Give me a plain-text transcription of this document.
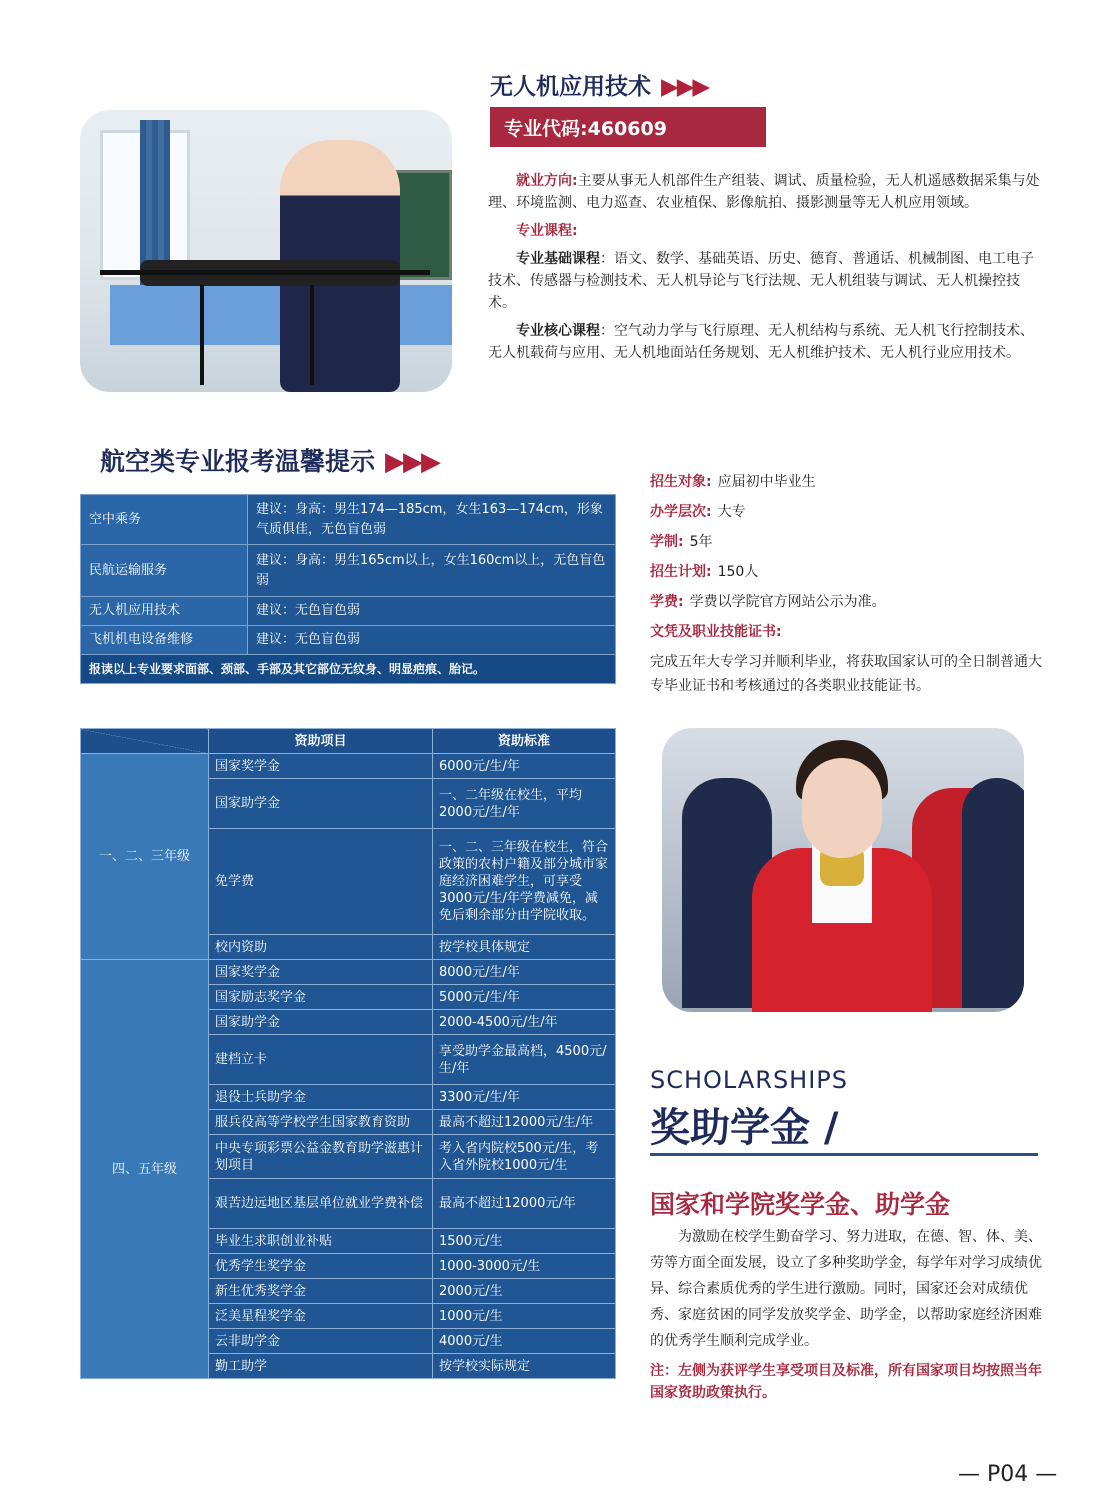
无人机应用技术 ▶▶▶
专业代码:460609

就业方向:主要从事无人机部件生产组装、调试、质量检验，无人机遥感数据采集与处理、环境监测、电力巡查、农业植保、影像航拍、摄影测量等无人机应用领域。

专业课程:

专业基础课程：语文、数学、基础英语、历史、德育、普通话、机械制图、电工电子技术、传感器与检测技术、无人机导论与飞行法规、无人机组装与调试、无人机操控技术。

专业核心课程：空气动力学与飞行原理、无人机结构与系统、无人机飞行控制技术、无人机载荷与应用、无人机地面站任务规划、无人机维护技术、无人机行业应用技术。

航空类专业报考温馨提示 ▶▶▶
空中乘务	建议：身高：男生174—185cm，女生163—174cm，形象气质俱佳，无色盲色弱
民航运输服务	建议：身高：男生165cm以上，女生160cm以上，无色盲色弱
无人机应用技术	建议：无色盲色弱
飞机机电设备维修	建议：无色盲色弱
报读以上专业要求面部、颈部、手部及其它部位无纹身、明显疤痕、胎记。	
招生对象: 应届初中毕业生
办学层次: 大专
学制: 5年
招生计划: 150人
学费: 学费以学院官方网站公示为准。
文凭及职业技能证书:
完成五年大专学习并顺利毕业，将获取国家认可的全日制普通大专毕业证书和考核通过的各类职业技能证书。
	资助项目	资助标准
一、二、三年级	国家奖学金	6000元/生/年
	国家助学金	一、二年级在校生，平均2000元/生/年
	免学费	一、二、三年级在校生，符合政策的农村户籍及部分城市家庭经济困难学生，可享受3000元/生/年学费减免，减免后剩余部分由学院收取。
	校内资助	按学校具体规定
四、五年级	国家奖学金	8000元/生/年
	国家励志奖学金	5000元/生/年
	国家助学金	2000-4500元/生/年
	建档立卡	享受助学金最高档，4500元/生/年
	退役士兵助学金	3300元/生/年
	服兵役高等学校学生国家教育资助	最高不超过12000元/生/年
	中央专项彩票公益金教育助学滋惠计划项目	考入省内院校500元/生，考入省外院校1000元/生
	艰苦边远地区基层单位就业学费补偿	最高不超过12000元/年
	毕业生求职创业补贴	1500元/生
	优秀学生奖学金	1000-3000元/生
	新生优秀奖学金	2000元/生
	泛美星程奖学金	1000元/生
	云非助学金	4000元/生
	勤工助学	按学校实际规定
SCHOLARSHIPS
奖助学金 /
国家和学院奖学金、助学金
为激励在校学生勤奋学习、努力进取，在德、智、体、美、劳等方面全面发展，设立了多种奖助学金，每学年对学习成绩优异、综合素质优秀的学生进行激励。同时，国家还会对成绩优秀、家庭贫困的同学发放奖学金、助学金，以帮助家庭经济困难的优秀学生顺利完成学业。
注：左侧为获评学生享受项目及标准，所有国家项目均按照当年国家资助政策执行。
— P04 —
